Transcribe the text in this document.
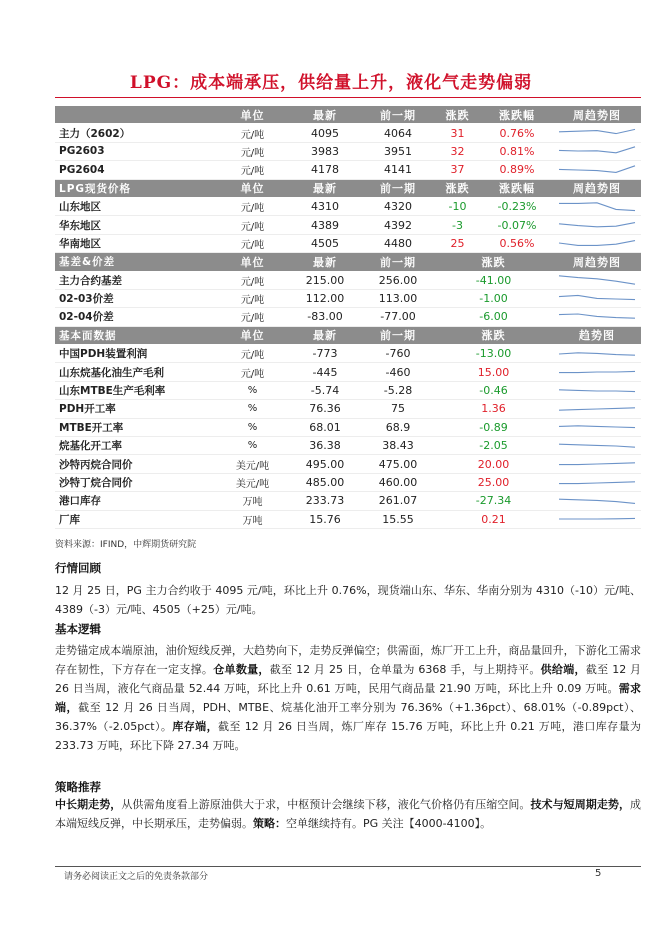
LPG：成本端承压，供给量上升，液化气走势偏弱
	单位	最新	前一期	涨跌	涨跌幅	周趋势图
主力（2602）	元/吨	4095	4064	31	0.76%	

PG2603	元/吨	3983	3951	32	0.81%	

PG2604	元/吨	4178	4141	37	0.89%	

LPG现货价格	单位	最新	前一期	涨跌	涨跌幅	周趋势图
山东地区	元/吨	4310	4320	-10	-0.23%	

华东地区	元/吨	4389	4392	-3	-0.07%	

华南地区	元/吨	4505	4480	25	0.56%	

基差&价差	单位	最新	前一期	涨跌		周趋势图
主力合约基差	元/吨	215.00	256.00	-41.00	

02-03价差	元/吨	112.00	113.00	-1.00	

02-04价差	元/吨	-83.00	-77.00	-6.00	

基本面数据	单位	最新	前一期	涨跌		趋势图
中国PDH装置利润	元/吨	-773	-760	-13.00	

山东烷基化油生产毛利	元/吨	-445	-460	15.00	

山东MTBE生产毛利率	%	-5.74	-5.28	-0.46	

PDH开工率	%	76.36	75	1.36	

MTBE开工率	%	68.01	68.9	-0.89	

烷基化开工率	%	36.38	38.43	-2.05	

沙特丙烷合同价	美元/吨	495.00	475.00	20.00	

沙特丁烷合同价	美元/吨	485.00	460.00	25.00	

港口库存	万吨	233.73	261.07	-27.34	

厂库	万吨	15.76	15.55	0.21	
资料来源：IFIND，中辉期货研究院
行情回顾
12 月 25 日，PG 主力合约收于 4095 元/吨，环比上升 0.76%，现货端山东、华东、华南分别为 4310（-10）元/吨、4389（-3）元/吨、4505（+25）元/吨。
基本逻辑
走势锚定成本端原油，油价短线反弹，大趋势向下，走势反弹偏空；供需面，炼厂开工上升，商品量回升，下游化工需求存在韧性，下方存在一定支撑。仓单数量，截至 12 月 25 日，仓单量为 6368 手，与上期持平。供给端，截至 12 月 26 日当周，液化气商品量 52.44 万吨，环比上升 0.61 万吨，民用气商品量 21.90 万吨，环比上升 0.09 万吨。需求端，截至 12 月 26 日当周，PDH、MTBE、烷基化油开工率分别为 76.36%（+1.36pct）、68.01%（-0.89pct）、36.37%（-2.05pct）。库存端，截至 12 月 26 日当周，炼厂库存 15.76 万吨，环比上升 0.21 万吨，港口库存量为 233.73 万吨，环比下降 27.34 万吨。
策略推荐
中长期走势，从供需角度看上游原油供大于求，中枢预计会继续下移，液化气价格仍有压缩空间。技术与短周期走势，成本端短线反弹，中长期承压，走势偏弱。策略：空单继续持有。PG 关注【4000-4100】。
请务必阅读正文之后的免责条款部分	5
